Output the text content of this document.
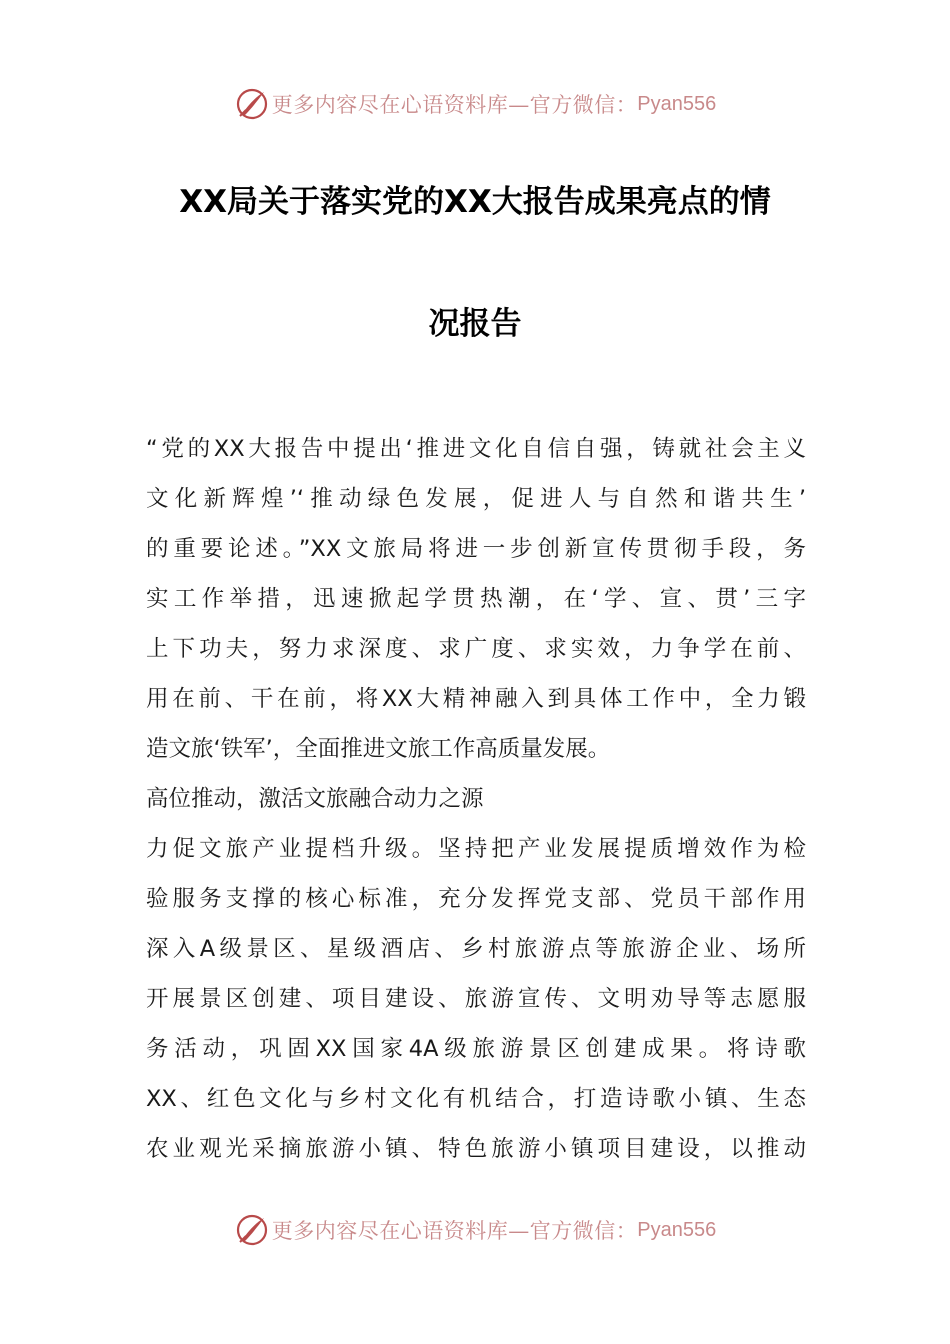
更多内容尽在心语资料库—官方微信： Pyan556
XX局关于落实党的XX大报告成果亮点的情
况报告
“党的XX大报告中提出‘推进文化自信自强，铸就社会主义
文化新辉煌’‘推动绿色发展，促进人与自然和谐共生’
的重要论述。”XX文旅局将进一步创新宣传贯彻手段，务
实工作举措，迅速掀起学贯热潮，在‘学、宣、贯’三字
上下功夫，努力求深度、求广度、求实效，力争学在前、
用在前、干在前，将XX大精神融入到具体工作中，全力锻
造文旅‘铁军’，全面推进文旅工作高质量发展。
高位推动，激活文旅融合动力之源
力促文旅产业提档升级。坚持把产业发展提质增效作为检
验服务支撑的核心标准，充分发挥党支部、党员干部作用
深入A级景区、星级酒店、乡村旅游点等旅游企业、场所
开展景区创建、项目建设、旅游宣传、文明劝导等志愿服
务活动，巩固XX国家4A级旅游景区创建成果。将诗歌
XX、红色文化与乡村文化有机结合，打造诗歌小镇、生态
农业观光采摘旅游小镇、特色旅游小镇项目建设，以推动
更多内容尽在心语资料库—官方微信： Pyan556
